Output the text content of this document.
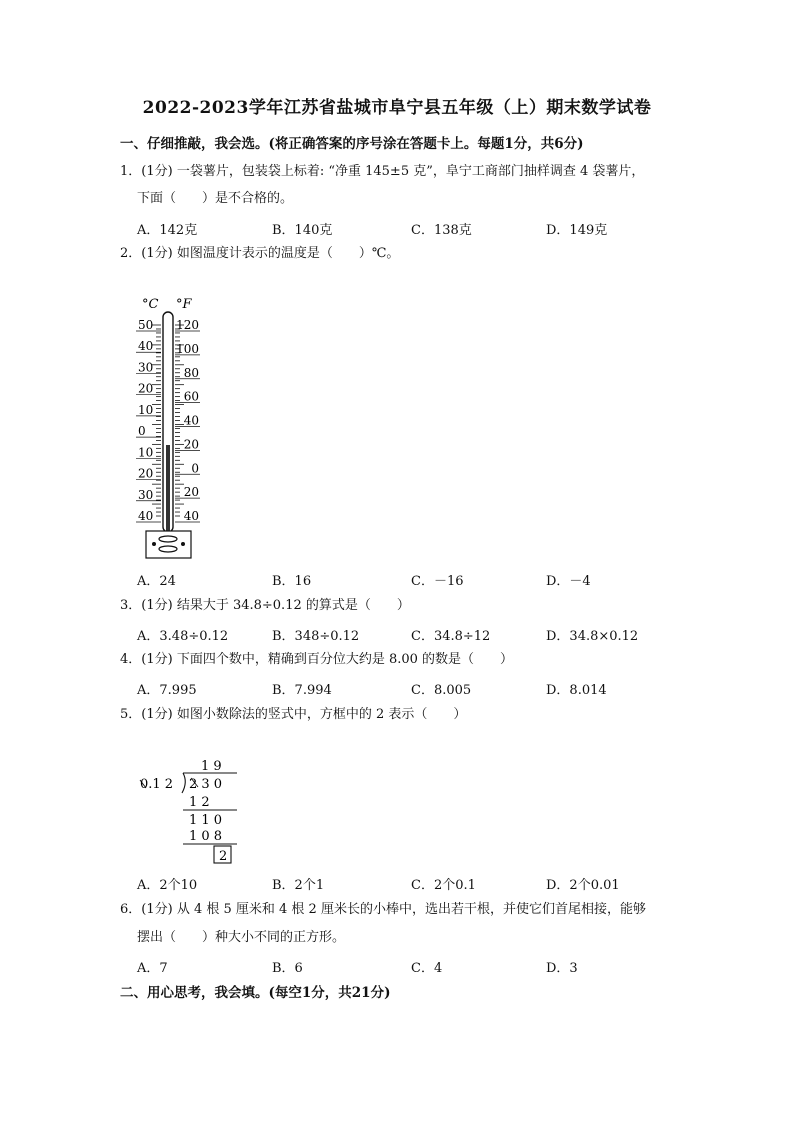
2022-2023学年江苏省盐城市阜宁县五年级（上）期末数学试卷
一、仔细推敲，我会选。(将正确答案的序号涂在答题卡上。每题1分，共6分)
1．(1分) 一袋薯片，包装袋上标着: “净重 145±5 克”，阜宁工商部门抽样调查 4 袋薯片，
下面（　　）是不合格的。
A．142克	B．140克	C．138克	D．149克
2．(1分) 如图温度计表示的温度是（　　）℃。
°C °F
50
40
30
20
10
0
10
20
30
40
120
100
80
60
40
20
0
20
40
A．24	B．16	C．－16	D．－4
3．(1分) 结果大于 34.8÷0.12 的算式是（　　）
A．3.48÷0.12	B．348÷0.12	C．34.8÷12	D．34.8×0.12
4．(1分) 下面四个数中，精确到百分位大约是 8.00 的数是（　　）
A．7.995	B．7.994	C．8.005	D．8.014
5．(1分) 如图小数除法的竖式中，方框中的 2 表示（　　）
1 9
0.1 2 2 3 0
1 2
1 1 0
1 0 8
2
A．2个10	B．2个1	C．2个0.1	D．2个0.01
6．(1分) 从 4 根 5 厘米和 4 根 2 厘米长的小棒中，选出若干根，并使它们首尾相接，能够
摆出（　　）种大小不同的正方形。
A．7	B．6	C．4	D．3
二、用心思考，我会填。(每空1分，共21分)
